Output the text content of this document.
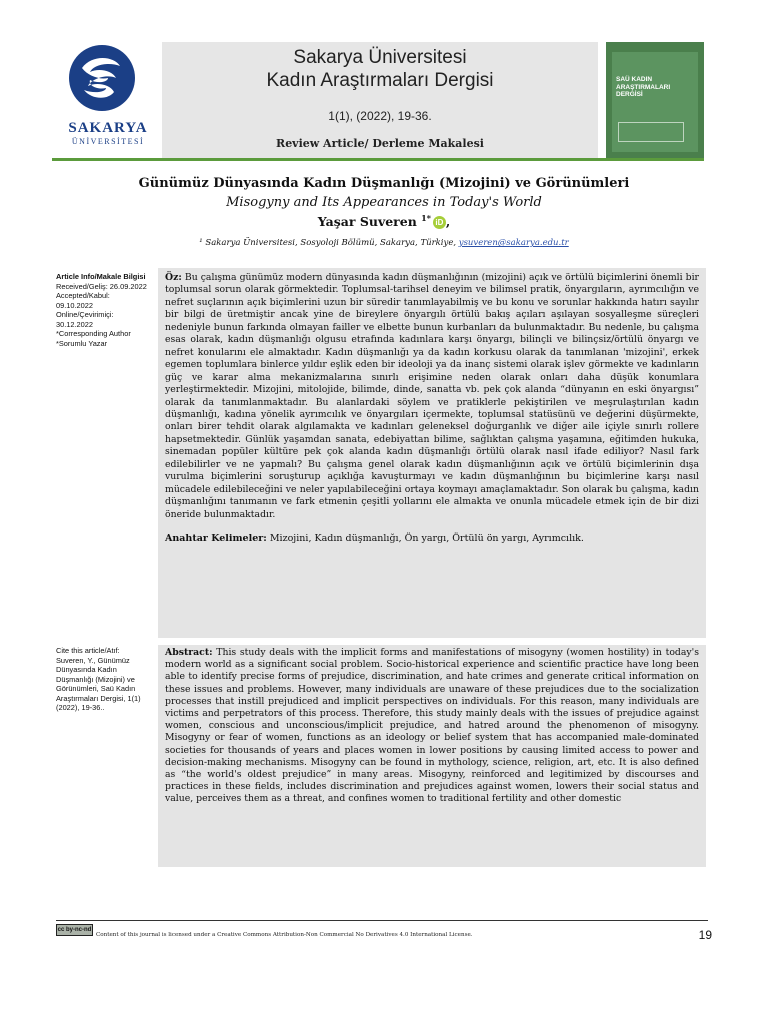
SAKARYA
ÜNİVERSİTESİ
Sakarya Üniversitesi
Kadın Araştırmaları Dergisi
1(1), (2022), 19-36.
Review Article/ Derleme Makalesi
SAÜ KADIN ARAŞTIRMALARI DERGİSİ
Günümüz Dünyasında Kadın Düşmanlığı (Mizojini) ve Görünümleri
Misogyny and Its Appearances in Today's World
Yaşar Suveren $^{1*}$ iD ,
¹ Sakarya Üniversitesi, Sosyoloji Bölümü, Sakarya, Türkiye, ysuveren@sakarya.edu.tr
Article Info/Makale Bilgisi
Received/Geliş: 26.09.2022
Accepted/Kabul: 09.10.2022
Online/Çevirimiçi: 30.12.2022
*Corresponding Author
*Sorumlu Yazar
Cite this article/Atıf: Suveren, Y., Günümüz Dünyasında Kadın Düşmanlığı (Mizojini) ve Görünümleri, Saü Kadın Araştırmaları Dergisi, 1(1) (2022), 19-36..

Öz: Bu çalışma günümüz modern dünyasında kadın düşmanlığının (mizojini) açık ve örtülü biçimlerini önemli bir toplumsal sorun olarak görmektedir. Toplumsal-tarihsel deneyim ve bilimsel pratik, önyargıların, ayrımcılığın ve nefret suçlarının açık biçimlerini uzun bir süredir tanımlayabilmiş ve bu konu ve sorunlar hakkında hatırı sayılır bir bilgi de üretmiştir ancak yine de bireylere önyargılı örtülü bakış açıları aşılayan sosyalleşme süreçleri nedeniyle bunun farkında olmayan failler ve elbette bunun kurbanları da bulunmaktadır. Bu nedenle, bu çalışma esas olarak, kadın düşmanlığı olgusu etrafında kadınlara karşı önyargı, bilinçli ve bilinçsiz/örtülü önyargı ve nefret konularını ele almaktadır. Kadın düşmanlığı ya da kadın korkusu olarak da tanımlanan 'mizojini', erkek egemen toplumlara binlerce yıldır eşlik eden bir ideoloji ya da inanç sistemi olarak işlev görmekte ve kadınların güç ve karar alma mekanizmalarına sınırlı erişimine neden olarak onları daha düşük konumlara yerleştirmektedir. Mizojini, mitolojide, bilimde, dinde, sanatta vb. pek çok alanda “dünyanın en eski önyargısı” olarak da tanımlanmaktadır. Bu alanlardaki söylem ve pratiklerle pekiştirilen ve meşrulaştırılan kadın düşmanlığı, kadına yönelik ayrımcılık ve önyargıları içermekte, toplumsal statüsünü ve değerini düşürmekte, onları birer tehdit olarak algılamakta ve kadınları geleneksel doğurganlık ve diğer aile içiyle sınırlı rollere hapsetmektedir. Günlük yaşamdan sanata, edebiyattan bilime, sağlıktan çalışma yaşamına, eğitimden hukuka, sinemadan popüler kültüre pek çok alanda kadın düşmanlığı örtülü olarak nasıl ifade ediliyor? Nasıl fark edilebilirler ve ne yapmalı? Bu çalışma genel olarak kadın düşmanlığının açık ve örtülü biçimlerinin dışa vurulma biçimlerini soruşturup açıklığa kavuşturmayı ve kadın düşmanlığının bu biçimlerine karşı nasıl mücadele edilebileceğini ve neler yapılabileceğini ortaya koymayı amaçlamaktadır. Son olarak bu çalışma, kadın düşmanlığını tanımanın ve fark etmenin çeşitli yollarını ele almakta ve onunla mücadele etmek için de bir dizi öneride bulunmaktadır.

Anahtar Kelimeler: Mizojini, Kadın düşmanlığı, Ön yargı, Örtülü ön yargı, Ayrımcılık.

Abstract: This study deals with the implicit forms and manifestations of misogyny (women hostility) in today's modern world as a significant social problem. Socio-historical experience and scientific practice have long been able to identify precise forms of prejudice, discrimination, and hate crimes and generate critical information on these issues and problems. However, many individuals are unaware of these prejudices due to the socialization processes that instill prejudiced and implicit perspectives on individuals. For this reason, many individuals are victims and perpetrators of this process. Therefore, this study mainly deals with the issues of prejudice against women, conscious and unconscious/implicit prejudice, and hatred around the phenomenon of misogyny. Misogyny or fear of women, functions as an ideology or belief system that has accompanied male-dominated societies for thousands of years and places women in lower positions by causing limited access to power and decision-making mechanisms. Misogyny can be found in mythology, science, religion, art, etc. It is also defined as “the world's oldest prejudice” in many areas. Misogyny, reinforced and legitimized by discourses and practices in these fields, includes discrimination and prejudices against women, lowers their social status and value, perceives them as a threat, and confines women to traditional fertility and other domestic

cc by-nc-nd
Content of this journal is licensed under a Creative Commons Attribution-Non Commercial No Derivatives 4.0 International License.	19
